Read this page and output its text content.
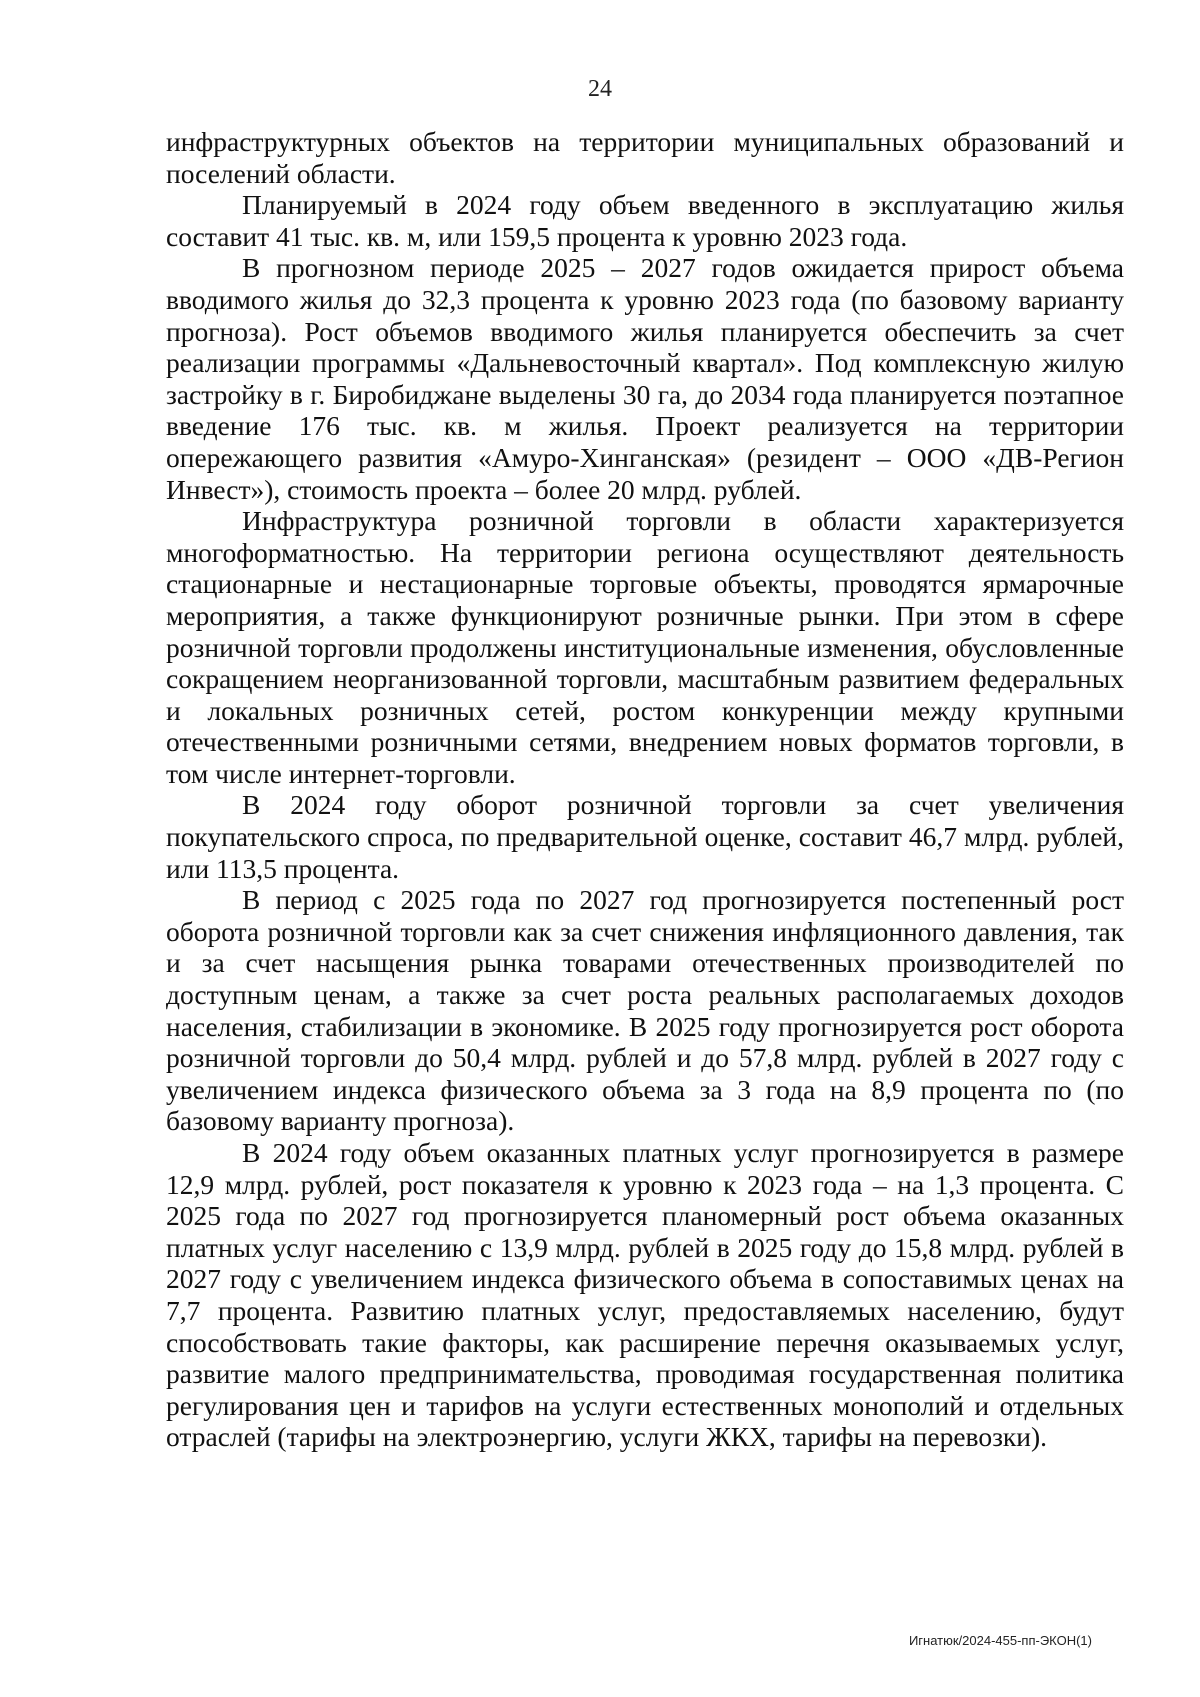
24

инфраструктурных объектов на территории муниципальных образований и поселений области.

Планируемый в 2024 году объем введенного в эксплуатацию жилья составит 41 тыс. кв. м, или 159,5 процента к уровню 2023 года.

В прогнозном периоде 2025 – 2027 годов ожидается прирост объема вводимого жилья до 32,3 процента к уровню 2023 года (по базовому варианту прогноза). Рост объемов вводимого жилья планируется обеспечить за счет реализации программы «Дальневосточный квартал». Под комплексную жилую застройку в г. Биробиджане выделены 30 га, до 2034 года планируется поэтапное введение 176 тыс. кв. м жилья. Проект реализуется на территории опережающего развития «Амуро-Хинганская» (резидент – ООО «ДВ-Регион Инвест»), стоимость проекта – более 20 млрд. рублей.

Инфраструктура розничной торговли в области характеризуется многоформатностью. На территории региона осуществляют деятельность стационарные и нестационарные торговые объекты, проводятся ярмарочные мероприятия, а также функционируют розничные рынки. При этом в сфере розничной торговли продолжены институциональные изменения, обусловленные сокращением неорганизованной торговли, масштабным развитием федеральных и локальных розничных сетей, ростом конкуренции между крупными отечественными розничными сетями, внедрением новых форматов торговли, в том числе интернет-торговли.

В 2024 году оборот розничной торговли за счет увеличения покупательского спроса, по предварительной оценке, составит 46,7 млрд. рублей, или 113,5 процента.

В период с 2025 года по 2027 год прогнозируется постепенный рост оборота розничной торговли как за счет снижения инфляционного давления, так и за счет насыщения рынка товарами отечественных производителей по доступным ценам, а также за счет роста реальных располагаемых доходов населения, стабилизации в экономике. В 2025 году прогнозируется рост оборота розничной торговли до 50,4 млрд. рублей и до 57,8 млрд. рублей в 2027 году с увеличением индекса физического объема за 3 года на 8,9 процента по (по базовому варианту прогноза).

В 2024 году объем оказанных платных услуг прогнозируется в размере 12,9 млрд. рублей, рост показателя к уровню к 2023 года – на 1,3 процента. С 2025 года по 2027 год прогнозируется планомерный рост объема оказанных платных услуг населению с 13,9 млрд. рублей в 2025 году до 15,8 млрд. рублей в 2027 году с увеличением индекса физического объема в сопоставимых ценах на 7,7 процента. Развитию платных услуг, предоставляемых населению, будут способствовать такие факторы, как расширение перечня оказываемых услуг, развитие малого предпринимательства, проводимая государственная политика регулирования цен и тарифов на услуги естественных монополий и отдельных отраслей (тарифы на электроэнергию, услуги ЖКХ, тарифы на перевозки).

Игнатюк/2024-455-пп-ЭКОН(1)
